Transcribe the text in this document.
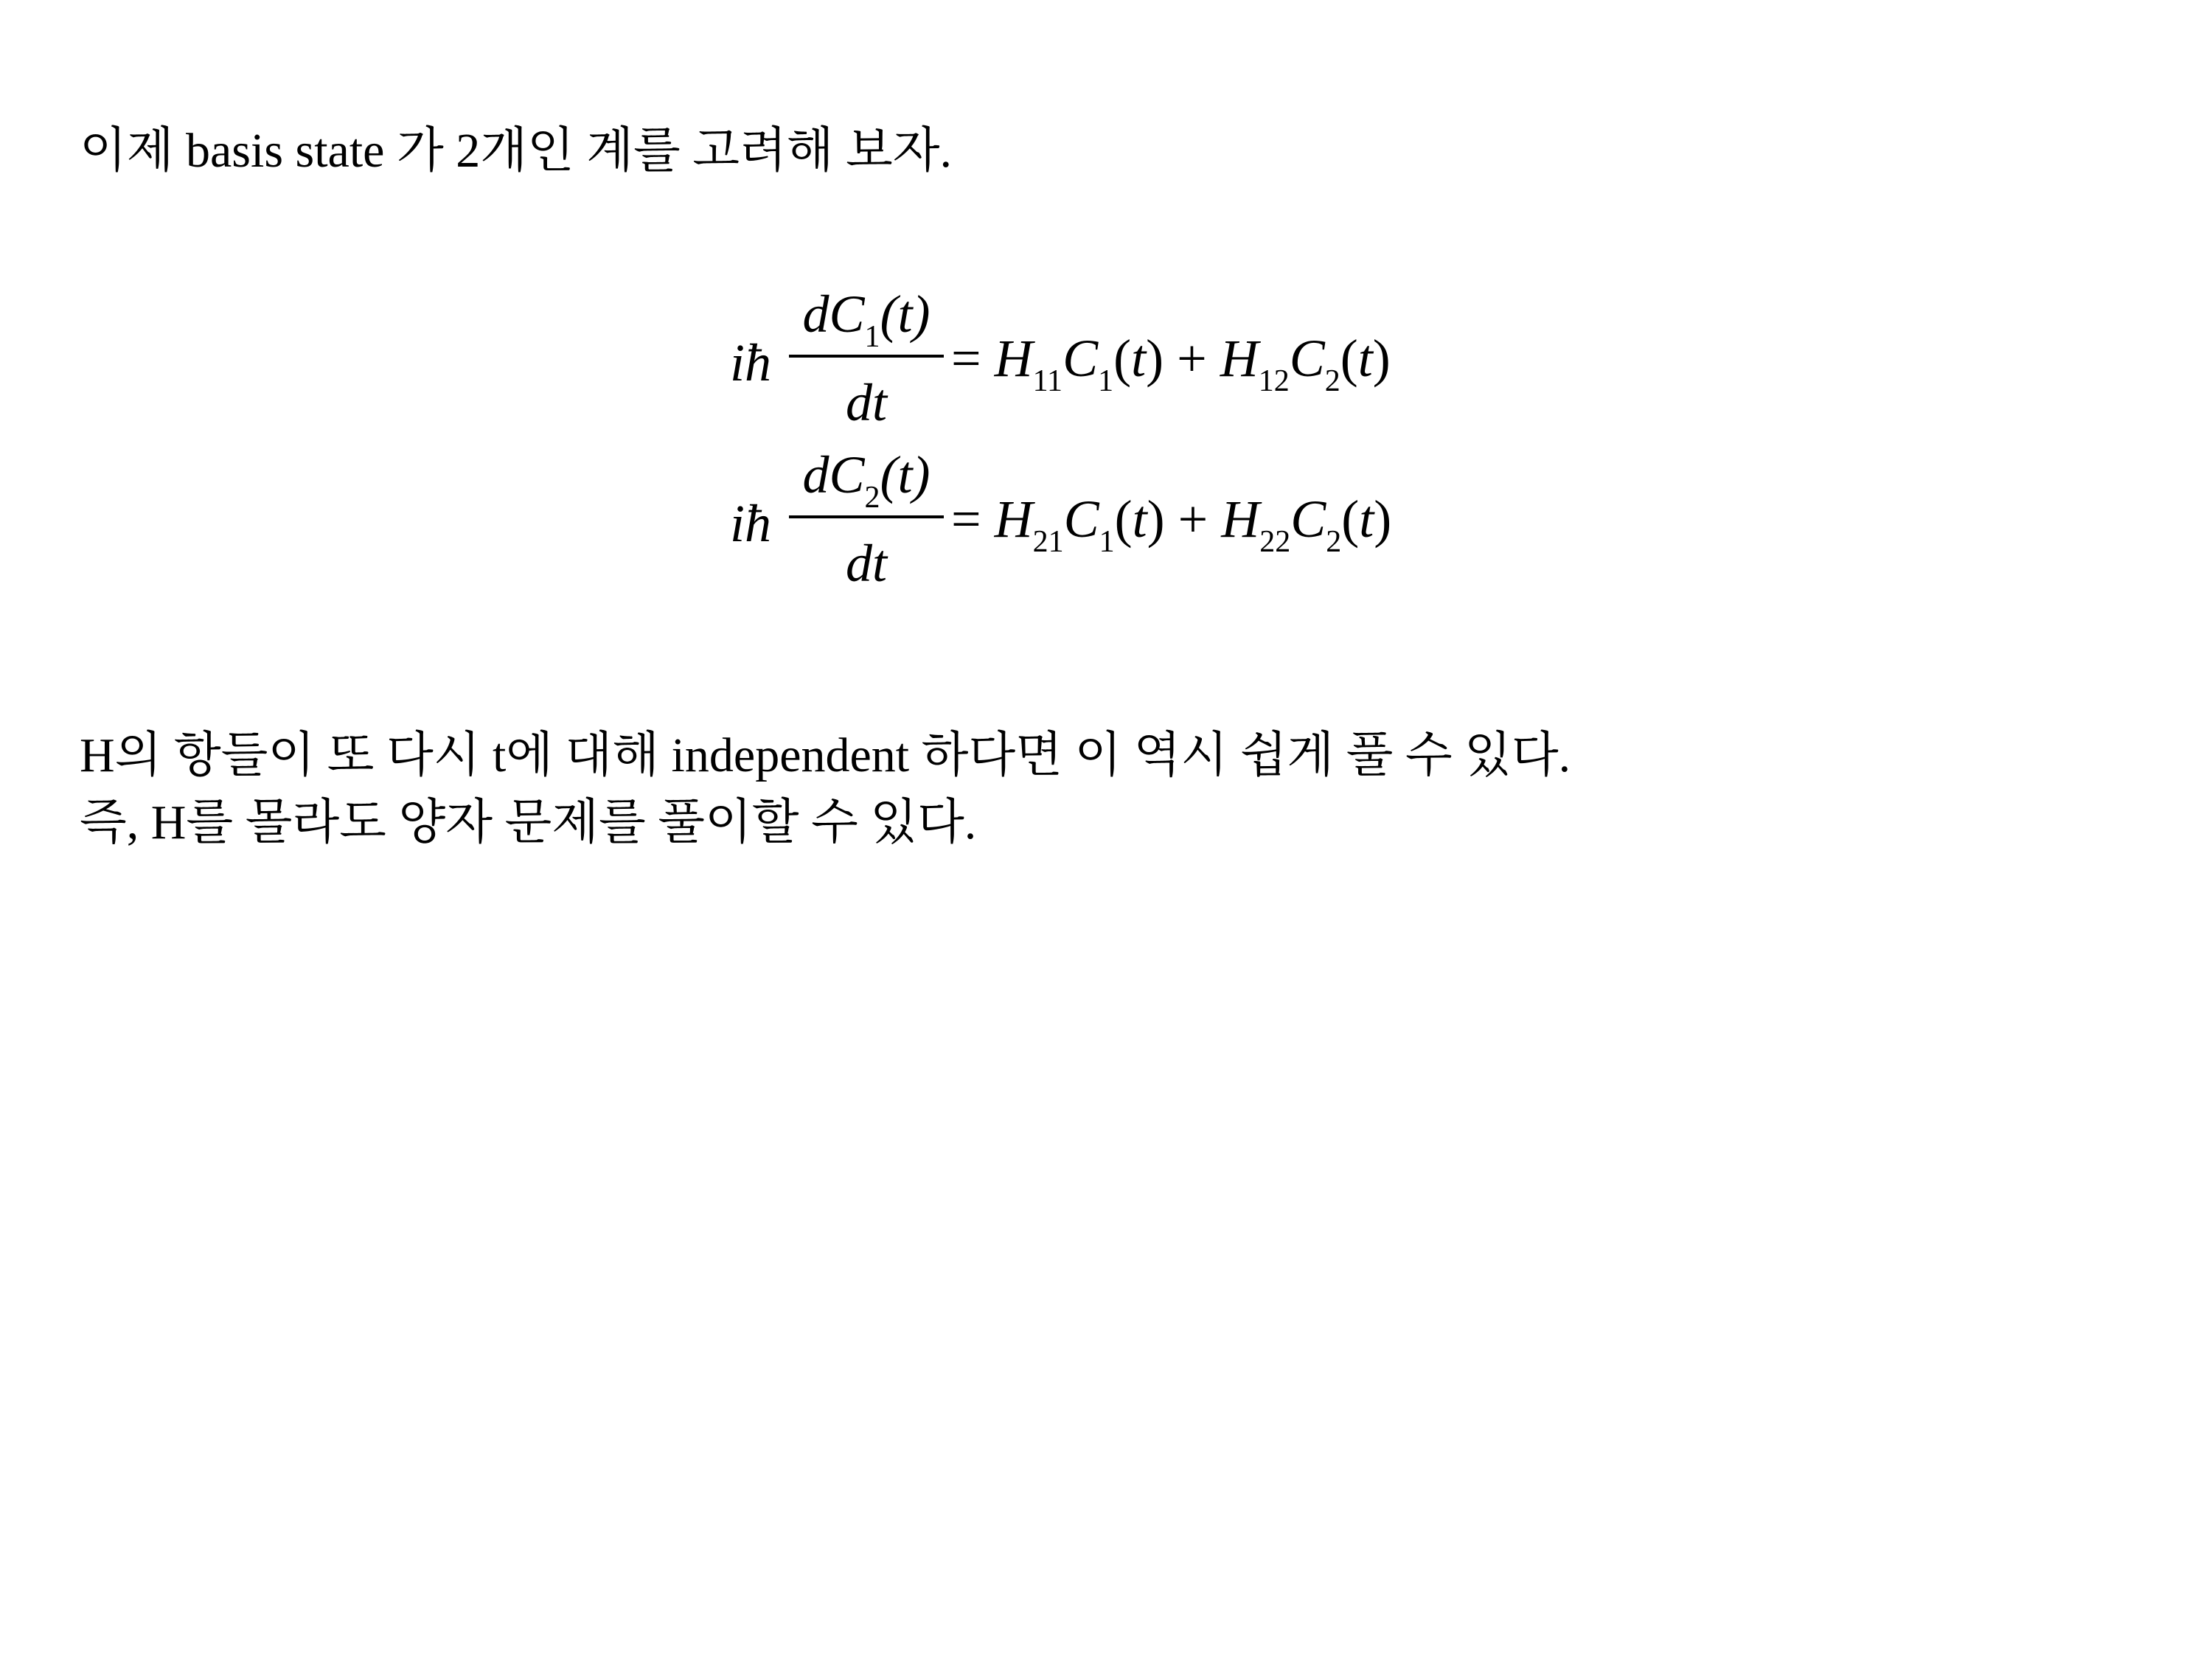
이제 basis state 가 2개인 계를 고려해 보자.
iħ
$dC_1(t)$
dt
= $H_{11}C_1(t) + H_{12}C_2(t)$
iħ
$dC_2(t)$
dt
= $H_{21}C_1(t) + H_{22}C_2(t)$
H의 항들이 또 다시 t에 대해 independent 하다면 이 역시 쉽게 풀 수 있다.
즉, H를 몰라도 양자 문제를 풀이할 수 있다.
